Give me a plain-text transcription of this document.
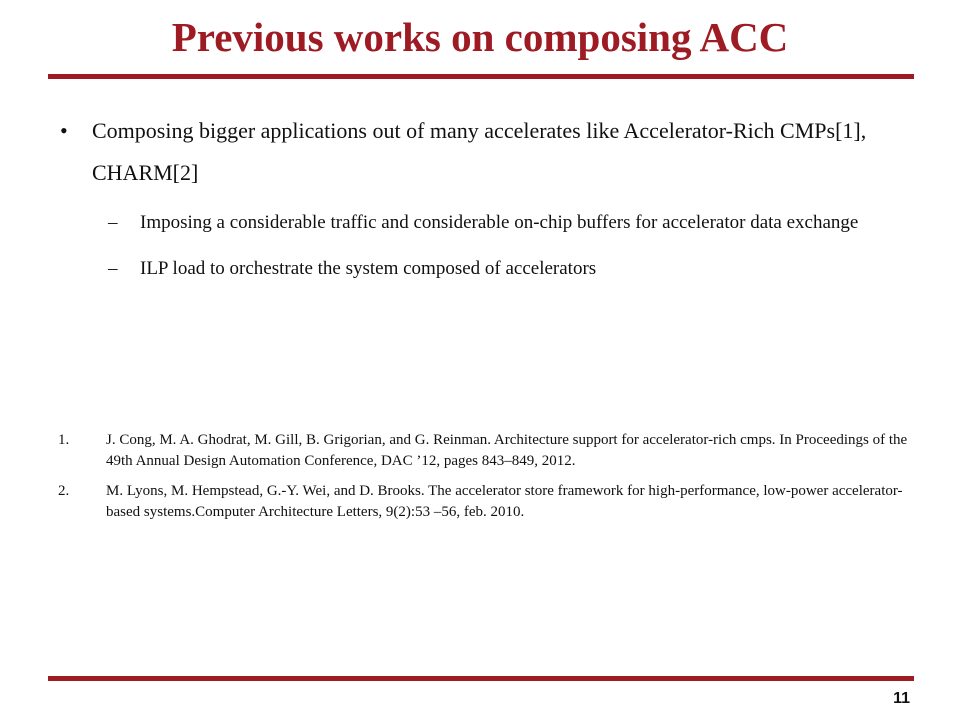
Previous works on composing ACC
• Composing bigger applications out of many accelerates like Accelerator-Rich CMPs[1], CHARM[2]
– Imposing a considerable traffic and considerable on-chip buffers for accelerator data exchange
– ILP load to orchestrate the system composed of accelerators
1. J. Cong, M. A. Ghodrat, M. Gill, B. Grigorian, and G. Reinman. Architecture support for accelerator-rich cmps. In Proceedings of the 49th Annual Design Automation Conference, DAC ’12, pages 843–849, 2012.
2. M. Lyons, M. Hempstead, G.-Y. Wei, and D. Brooks. The accelerator store framework for high-performance, low-power accelerator-based systems.Computer Architecture Letters, 9(2):53 –56, feb. 2010.
11
